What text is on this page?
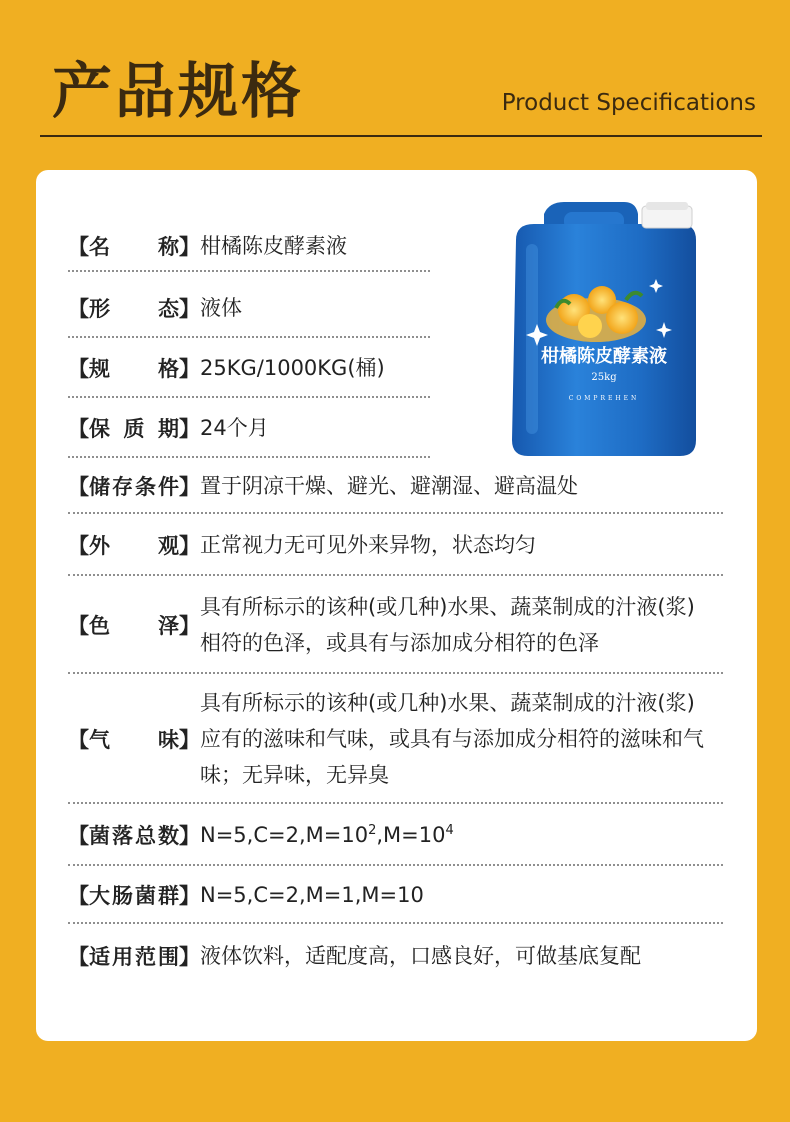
产品规格	Product Specifications
柑橘陈皮酵素液
25kg
COMPREHEN
【 名 称 】 柑橘陈皮酵素液
【 形 态 】 液体
【 规 格 】 25KG/1000KG(桶)
【 保 质 期 】 24个月
【 储 存 条 件 】 置于阴凉干燥、避光、避潮湿、避高温处
【 外 观 】 正常视力无可见外来异物，状态均匀
【 色 泽 】
具有所标示的该种(或几种)水果、蔬菜制成的汁液(浆)相符的色泽，或具有与添加成分相符的色泽
【 气 味 】
具有所标示的该种(或几种)水果、蔬菜制成的汁液(浆)应有的滋味和气味，或具有与添加成分相符的滋味和气味；无异味，无异臭
【 菌 落 总 数 】 $N=5,C=2,M=10^2,M=10^4$
【 大 肠 菌 群 】 N=5,C=2,M=1,M=10
【 适 用 范 围 】 液体饮料，适配度高，口感良好，可做基底复配
